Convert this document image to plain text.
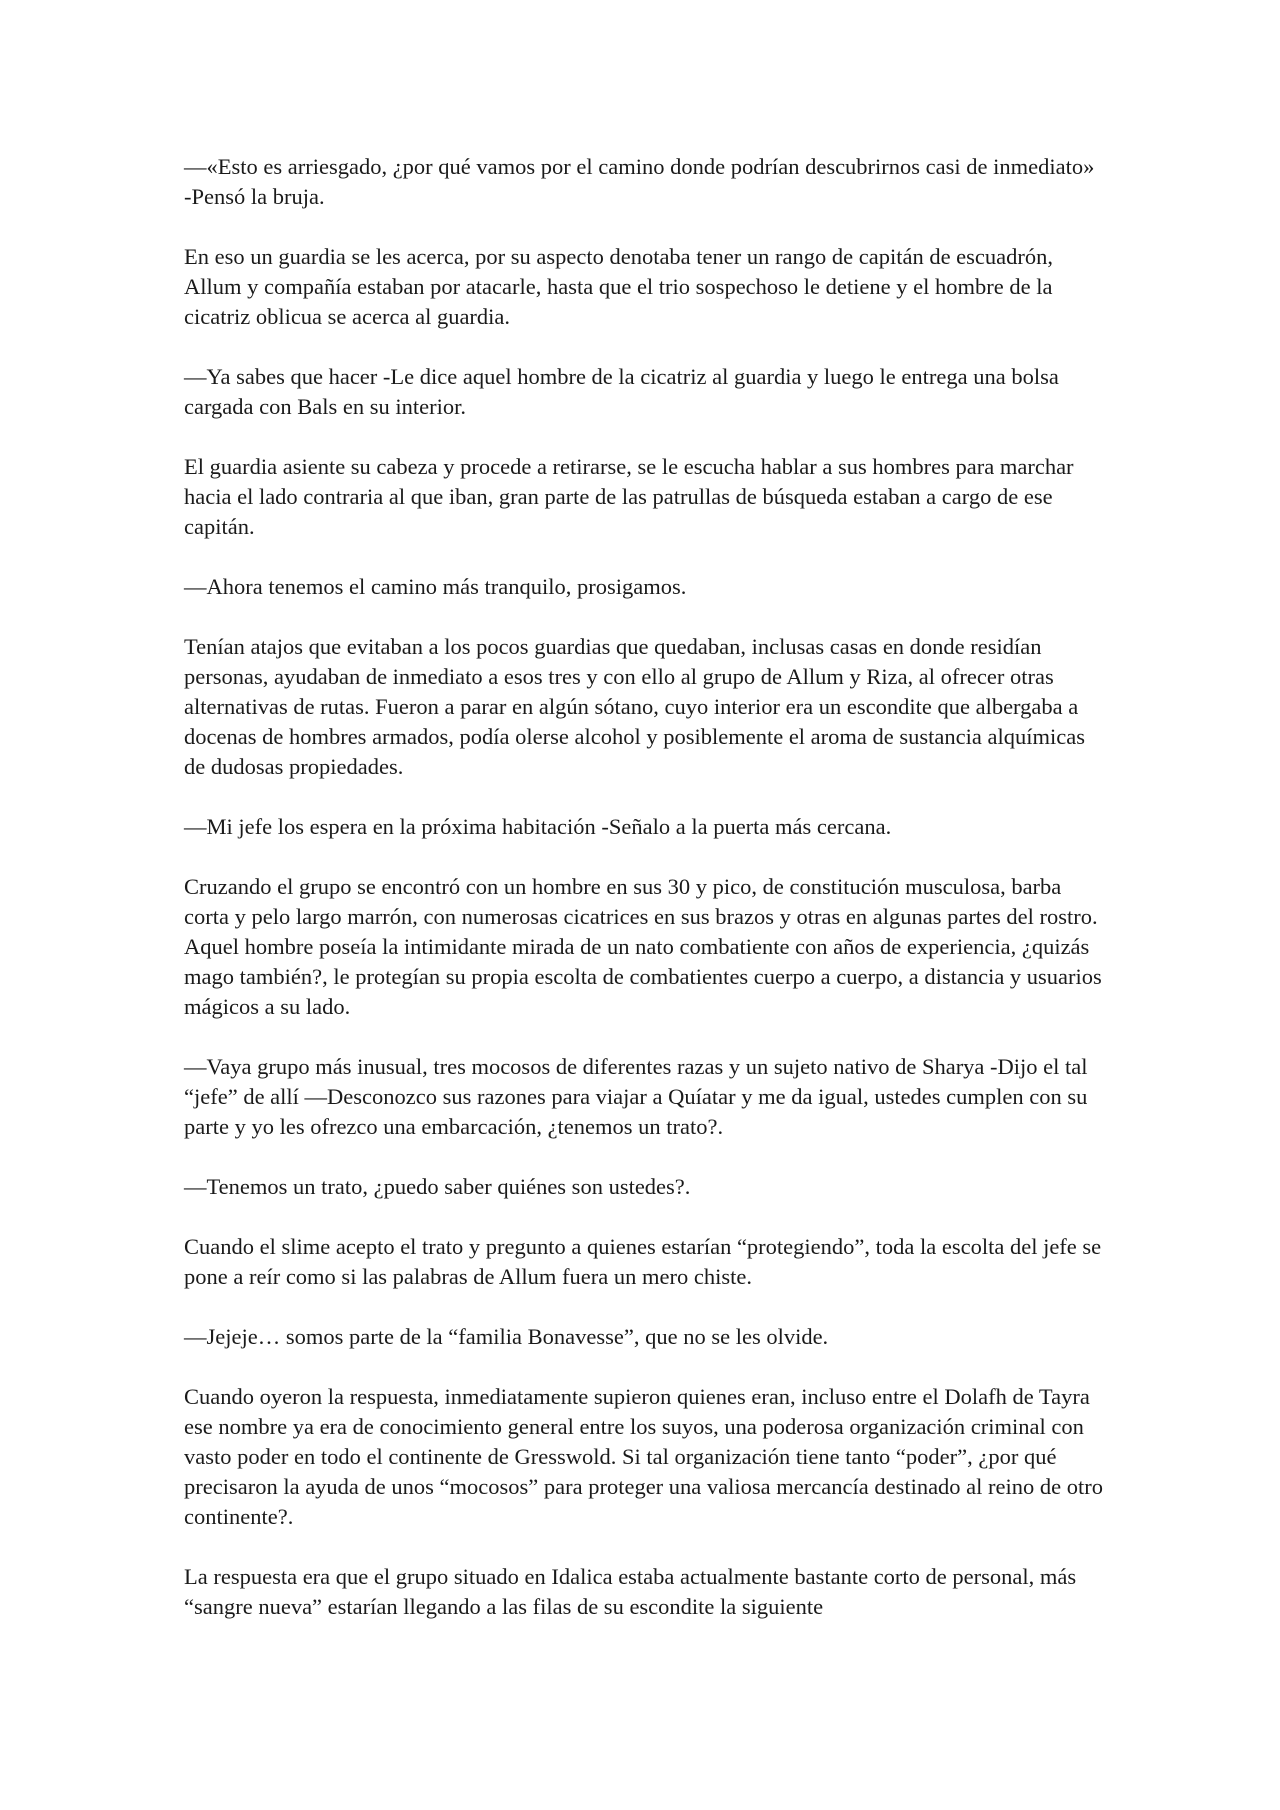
—«Esto es arriesgado, ¿por qué vamos por el camino donde podrían descubrirnos casi de inmediato» -Pensó la bruja.

En eso un guardia se les acerca, por su aspecto denotaba tener un rango de capitán de escuadrón, Allum y compañía estaban por atacarle, hasta que el trio sospechoso le detiene y el hombre de la cicatriz oblicua se acerca al guardia.

—Ya sabes que hacer -Le dice aquel hombre de la cicatriz al guardia y luego le entrega una bolsa cargada con Bals en su interior.

El guardia asiente su cabeza y procede a retirarse, se le escucha hablar a sus hombres para marchar hacia el lado contraria al que iban, gran parte de las patrullas de búsqueda estaban a cargo de ese capitán.

—Ahora tenemos el camino más tranquilo, prosigamos.

Tenían atajos que evitaban a los pocos guardias que quedaban, inclusas casas en donde residían personas, ayudaban de inmediato a esos tres y con ello al grupo de Allum y Riza, al ofrecer otras alternativas de rutas. Fueron a parar en algún sótano, cuyo interior era un escondite que albergaba a docenas de hombres armados, podía olerse alcohol y posiblemente el aroma de sustancia alquímicas de dudosas propiedades.

—Mi jefe los espera en la próxima habitación -Señalo a la puerta más cercana.

Cruzando el grupo se encontró con un hombre en sus 30 y pico, de constitución musculosa, barba corta y pelo largo marrón, con numerosas cicatrices en sus brazos y otras en algunas partes del rostro. Aquel hombre poseía la intimidante mirada de un nato combatiente con años de experiencia, ¿quizás mago también?, le protegían su propia escolta de combatientes cuerpo a cuerpo, a distancia y usuarios mágicos a su lado.

—Vaya grupo más inusual, tres mocosos de diferentes razas y un sujeto nativo de Sharya -Dijo el tal “jefe” de allí —Desconozco sus razones para viajar a Quíatar y me da igual, ustedes cumplen con su parte y yo les ofrezco una embarcación, ¿tenemos un trato?.

—Tenemos un trato, ¿puedo saber quiénes son ustedes?.

Cuando el slime acepto el trato y pregunto a quienes estarían “protegiendo”, toda la escolta del jefe se pone a reír como si las palabras de Allum fuera un mero chiste.

—Jejeje… somos parte de la “familia Bonavesse”, que no se les olvide.

Cuando oyeron la respuesta, inmediatamente supieron quienes eran, incluso entre el Dolafh de Tayra ese nombre ya era de conocimiento general entre los suyos, una poderosa organización criminal con vasto poder en todo el continente de Gresswold. Si tal organización tiene tanto “poder”, ¿por qué precisaron la ayuda de unos “mocosos” para proteger una valiosa mercancía destinado al reino de otro continente?.

La respuesta era que el grupo situado en Idalica estaba actualmente bastante corto de personal, más “sangre nueva” estarían llegando a las filas de su escondite la siguiente
